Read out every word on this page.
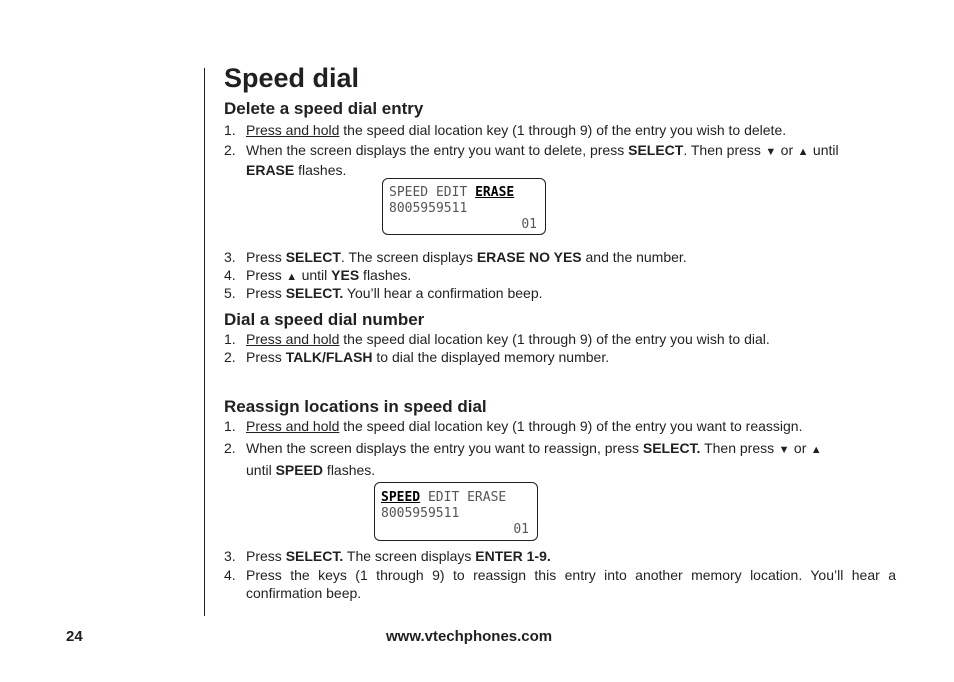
Speed dial
Delete a speed dial entry
1. Press and hold the speed dial location key (1 through 9) of the entry you wish to delete.
2. When the screen displays the entry you want to delete, press SELECT. Then press ▼ or ▲ until
ERASE flashes.
SPEED EDIT ERASE
8005959511
01
3. Press SELECT. The screen displays ERASE NO YES and the number.
4. Press ▲ until YES flashes.
5. Press SELECT. You’ll hear a confirmation beep.
Dial a speed dial number
1. Press and hold the speed dial location key (1 through 9) of the entry you wish to dial.
2. Press TALK/FLASH to dial the displayed memory number.
Reassign locations in speed dial
1. Press and hold the speed dial location key (1 through 9) of the entry you want to reassign.
2. When the screen displays the entry you want to reassign, press SELECT. Then press ▼ or ▲
until SPEED flashes.
SPEED EDIT ERASE
8005959511
01
3. Press SELECT. The screen displays ENTER 1-9.
4. Press the keys (1 through 9) to reassign this entry into another memory location. You’ll hear a confirmation beep.
24	www.vtechphones.com
